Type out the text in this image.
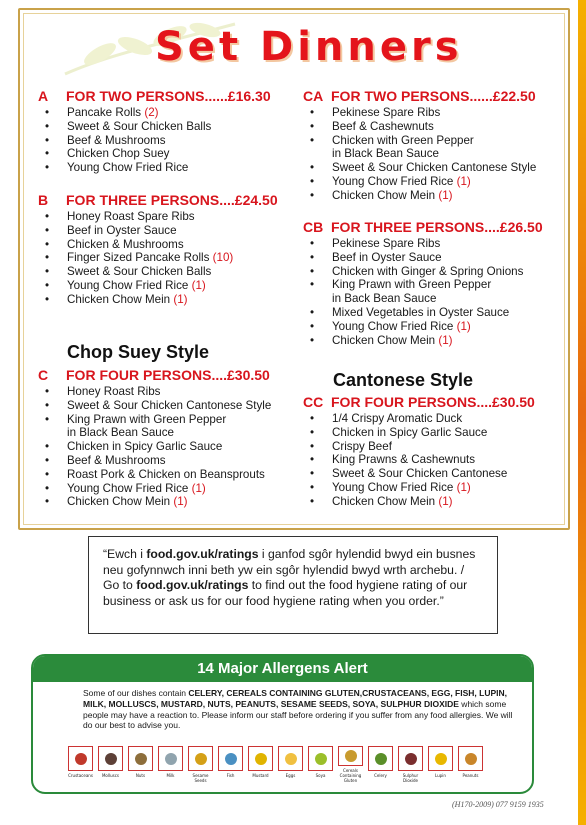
Set Dinners
A FOR TWO PERSONS......£16.30
• Pancake Rolls (2)
• Sweet & Sour Chicken Balls
• Beef & Mushrooms
• Chicken Chop Suey
• Young Chow Fried Rice
B FOR THREE PERSONS....£24.50
• Honey Roast Spare Ribs
• Beef in Oyster Sauce
• Chicken & Mushrooms
• Finger Sized Pancake Rolls (10)
• Sweet & Sour Chicken Balls
• Young Chow Fried Rice (1)
• Chicken Chow Mein (1)
Chop Suey Style
C FOR FOUR PERSONS....£30.50
• Honey Roast Ribs
• Sweet & Sour Chicken Cantonese Style
• King Prawn with Green Pepper
in Black Bean Sauce
• Chicken in Spicy Garlic Sauce
• Beef & Mushrooms
• Roast Pork & Chicken on Beansprouts
• Young Chow Fried Rice (1)
• Chicken Chow Mein (1)
CA FOR TWO PERSONS......£22.50
• Pekinese Spare Ribs
• Beef & Cashewnuts
• Chicken with Green Pepper
in Black Bean Sauce
• Sweet & Sour Chicken Cantonese Style
• Young Chow Fried Rice (1)
• Chicken Chow Mein (1)
CB FOR THREE PERSONS....£26.50
• Pekinese Spare Ribs
• Beef in Oyster Sauce
• Chicken with Ginger & Spring Onions
• King Prawn with Green Pepper
in Back Bean Sauce
• Mixed Vegetables in Oyster Sauce
• Young Chow Fried Rice (1)
• Chicken Chow Mein (1)
Cantonese Style
CC FOR FOUR PERSONS....£30.50
• 1/4 Crispy Aromatic Duck
• Chicken in Spicy Garlic Sauce
• Crispy Beef
• King Prawns & Cashewnuts
• Sweet & Sour Chicken Cantonese
• Young Chow Fried Rice (1)
• Chicken Chow Mein (1)
“Ewch i food.gov.uk/ratings i ganfod sgôr hylendid bwyd ein busnes neu gofynnwch inni beth yw ein sgôr hylendid bwyd wrth archebu. / Go to food.gov.uk/ratings to find out the food hygiene rating of our business or ask us for our food hygiene rating when you order.”
14 Major Allergens Alert
Some of our dishes contain CELERY, CEREALS CONTAINING GLUTEN,CRUSTACEANS, EGG, FISH, LUPIN, MILK, MOLLUSCS, MUSTARD, NUTS, PEANUTS, SESAME SEEDS, SOYA, SULPHUR DIOXIDE which some people may have a reaction to. Please inform our staff before ordering if you suffer from any food allergies. We will do our best to advise you.
Crustaceans Molluscs	Nuts	Milk	Sesame Seeds
Fish	Mustard	Eggs	Soya
Cereals Containing Gluten
Celery	Sulphur Dioxide
Lupin	Peanuts
(H170-2009) 077 9159 1935
